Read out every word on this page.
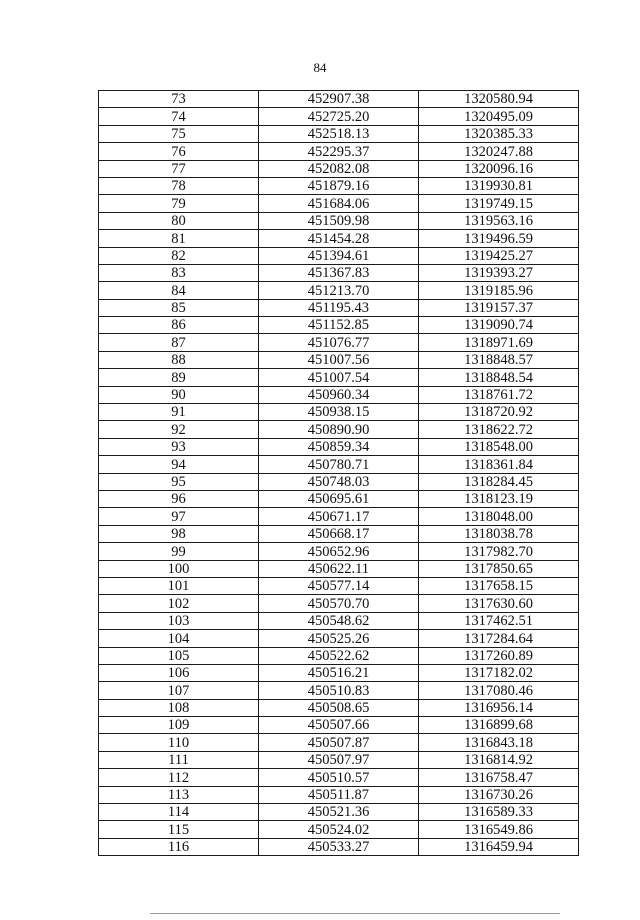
84
73	452907.38	1320580.94
74	452725.20	1320495.09
75	452518.13	1320385.33
76	452295.37	1320247.88
77	452082.08	1320096.16
78	451879.16	1319930.81
79	451684.06	1319749.15
80	451509.98	1319563.16
81	451454.28	1319496.59
82	451394.61	1319425.27
83	451367.83	1319393.27
84	451213.70	1319185.96
85	451195.43	1319157.37
86	451152.85	1319090.74
87	451076.77	1318971.69
88	451007.56	1318848.57
89	451007.54	1318848.54
90	450960.34	1318761.72
91	450938.15	1318720.92
92	450890.90	1318622.72
93	450859.34	1318548.00
94	450780.71	1318361.84
95	450748.03	1318284.45
96	450695.61	1318123.19
97	450671.17	1318048.00
98	450668.17	1318038.78
99	450652.96	1317982.70
100	450622.11	1317850.65
101	450577.14	1317658.15
102	450570.70	1317630.60
103	450548.62	1317462.51
104	450525.26	1317284.64
105	450522.62	1317260.89
106	450516.21	1317182.02
107	450510.83	1317080.46
108	450508.65	1316956.14
109	450507.66	1316899.68
110	450507.87	1316843.18
111	450507.97	1316814.92
112	450510.57	1316758.47
113	450511.87	1316730.26
114	450521.36	1316589.33
115	450524.02	1316549.86
116	450533.27	1316459.94
